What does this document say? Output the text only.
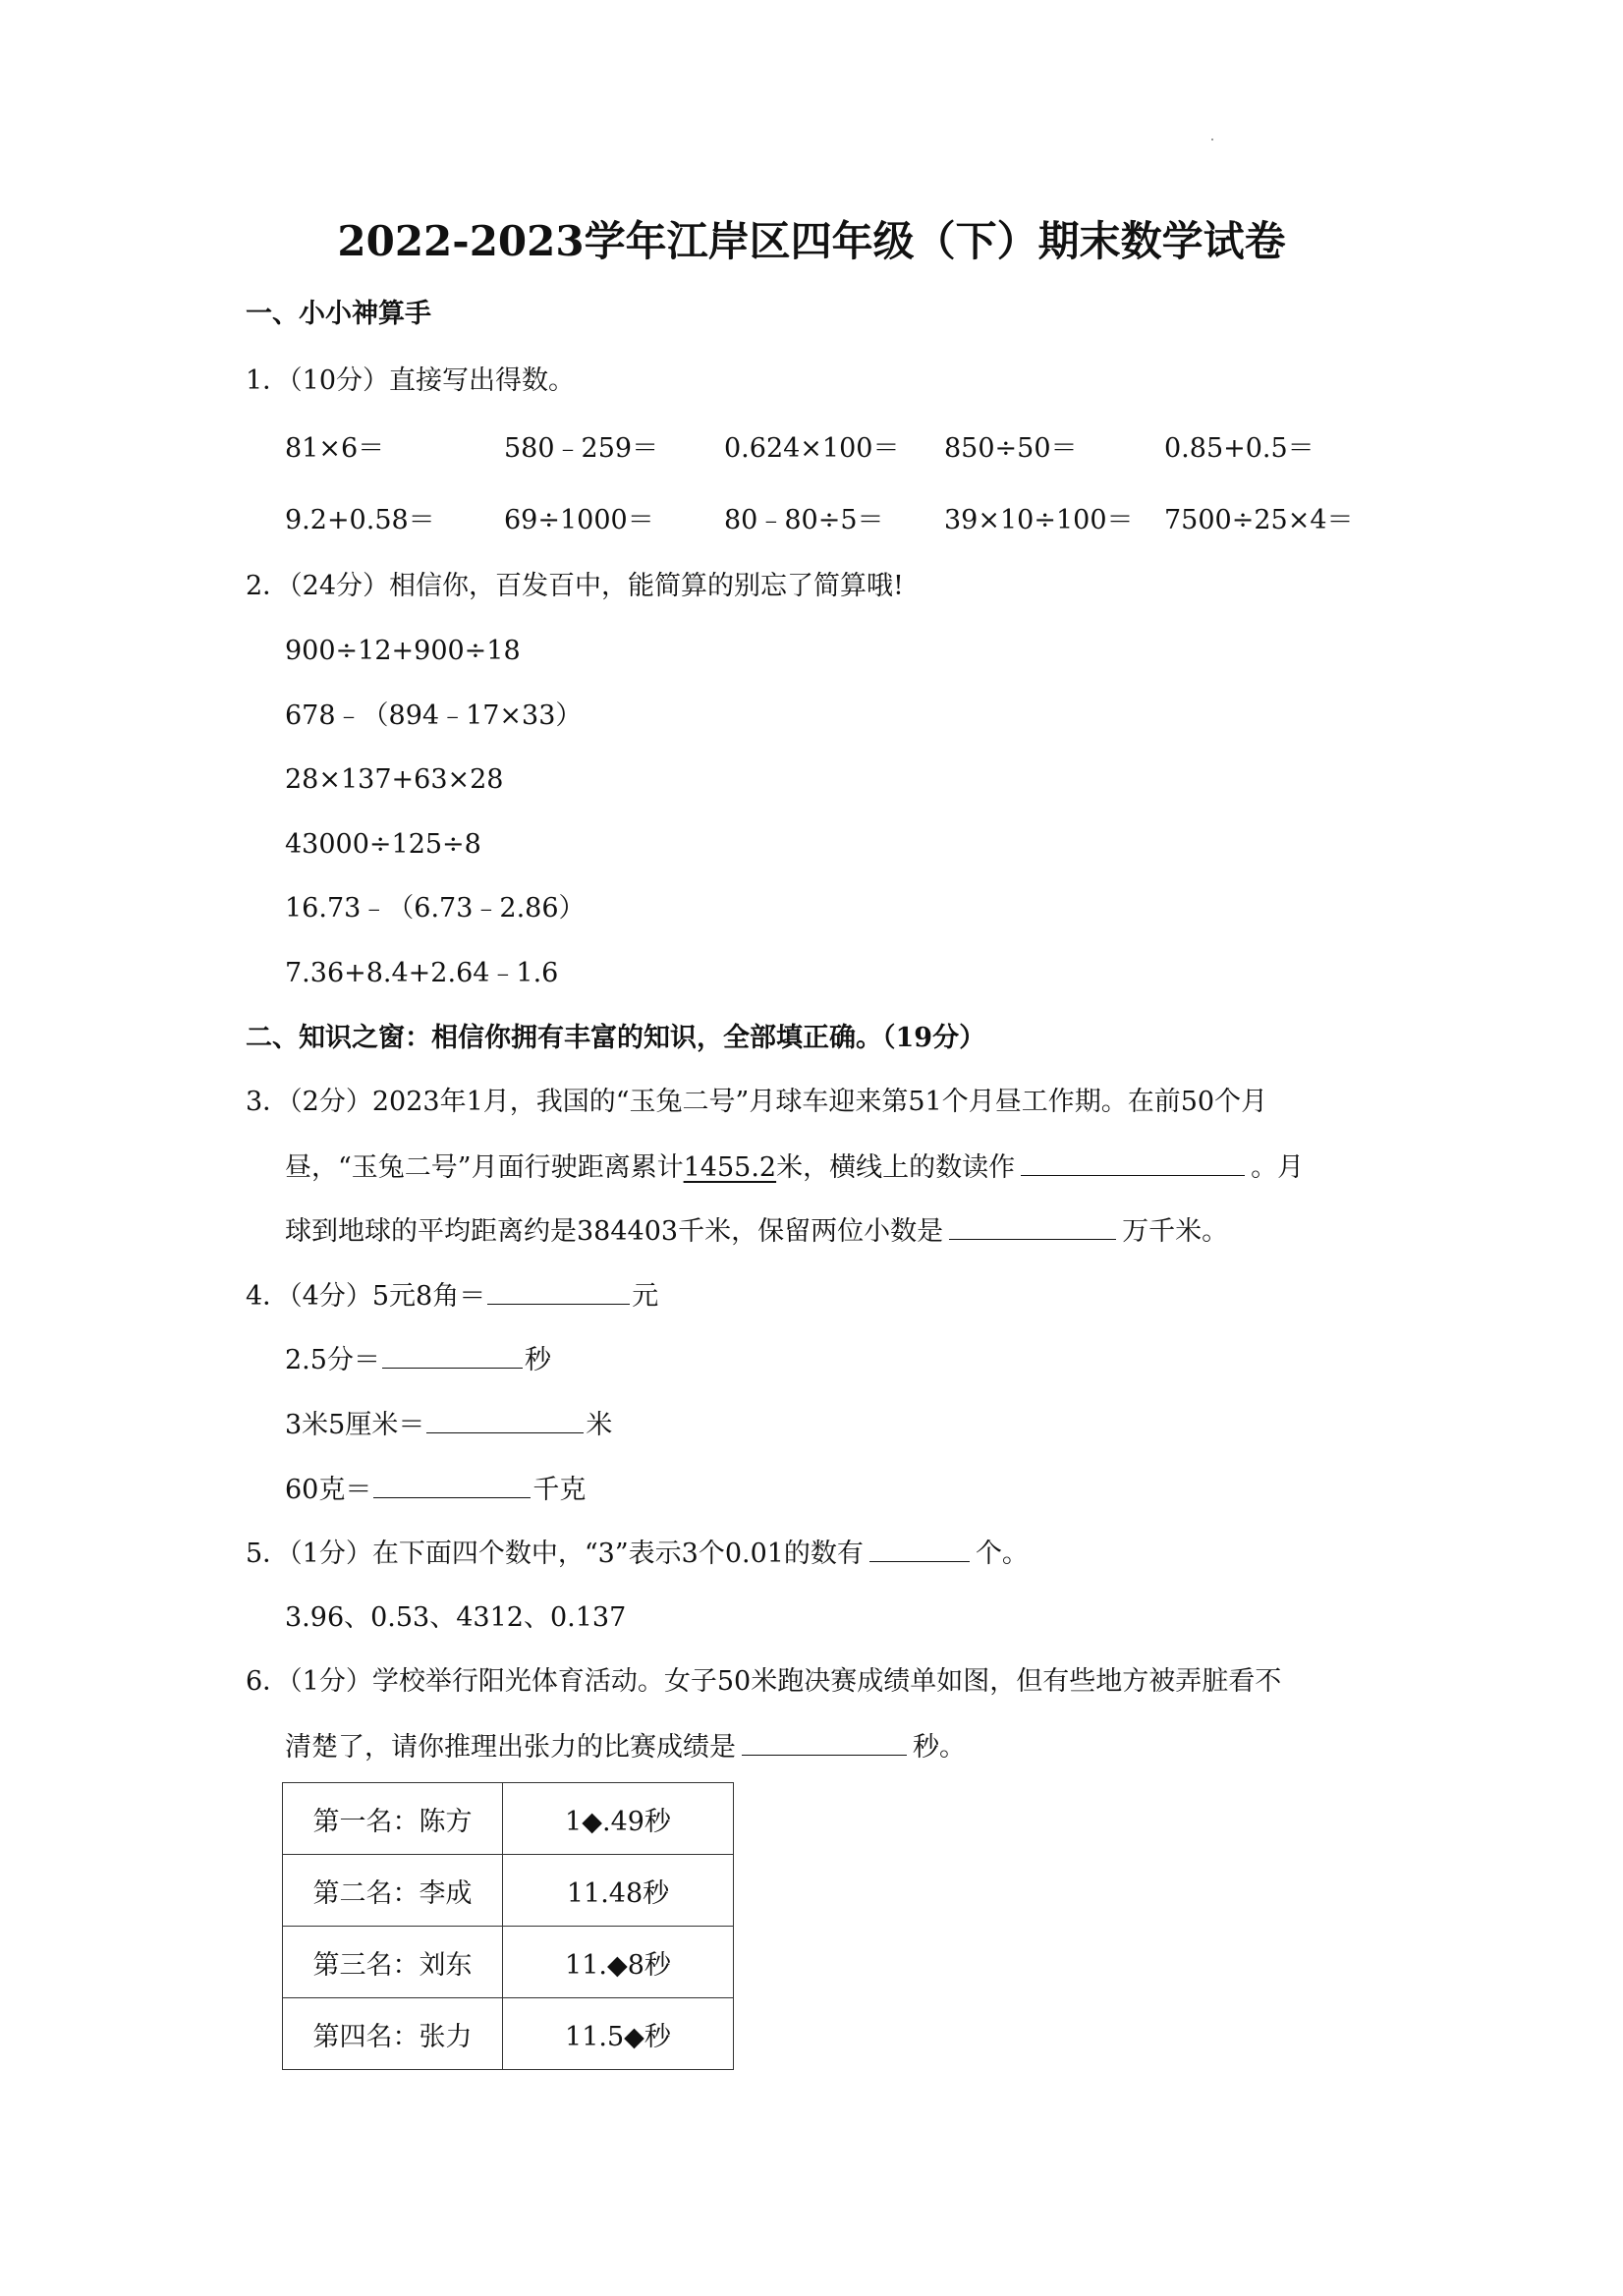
2022-2023学年江岸区四年级（下）期末数学试卷
一、小小神算手
1．（10分）直接写出得数。
81×6＝	580﹣259＝ 0.624×100＝ 850÷50＝	0.85+0.5＝
9.2+0.58＝	69÷1000＝	80﹣80÷5＝ 39×10÷100＝ 7500÷25×4＝
2．（24分）相信你，百发百中，能简算的别忘了简算哦!
900÷12+900÷18
678﹣（894﹣17×33）
28×137+63×28
43000÷125÷8
16.73﹣（6.73﹣2.86）
7.36+8.4+2.64﹣1.6
二、知识之窗：相信你拥有丰富的知识，全部填正确。（19分）
3．（2分）2023年1月，我国的“玉兔二号”月球车迎来第51个月昼工作期。在前50个月
昼，“玉兔二号”月面行驶距离累计1455.2米，横线上的数读作	。月
球到地球的平均距离约是384403千米，保留两位小数是	万千米。
4．（4分）5元8角＝	元
2.5分＝	秒
3米5厘米＝	米
60克＝	千克
5．（1分）在下面四个数中，“3”表示3个0.01的数有	个。
3.96、0.53、4312、0.137
6．（1分）学校举行阳光体育活动。女子50米跑决赛成绩单如图，但有些地方被弄脏看不
清楚了，请你推理出张力的比赛成绩是	秒。
第一名：陈方	1◆.49秒
第二名：李成	11.48秒
第三名：刘东	11.◆8秒
第四名：张力	11.5◆秒
